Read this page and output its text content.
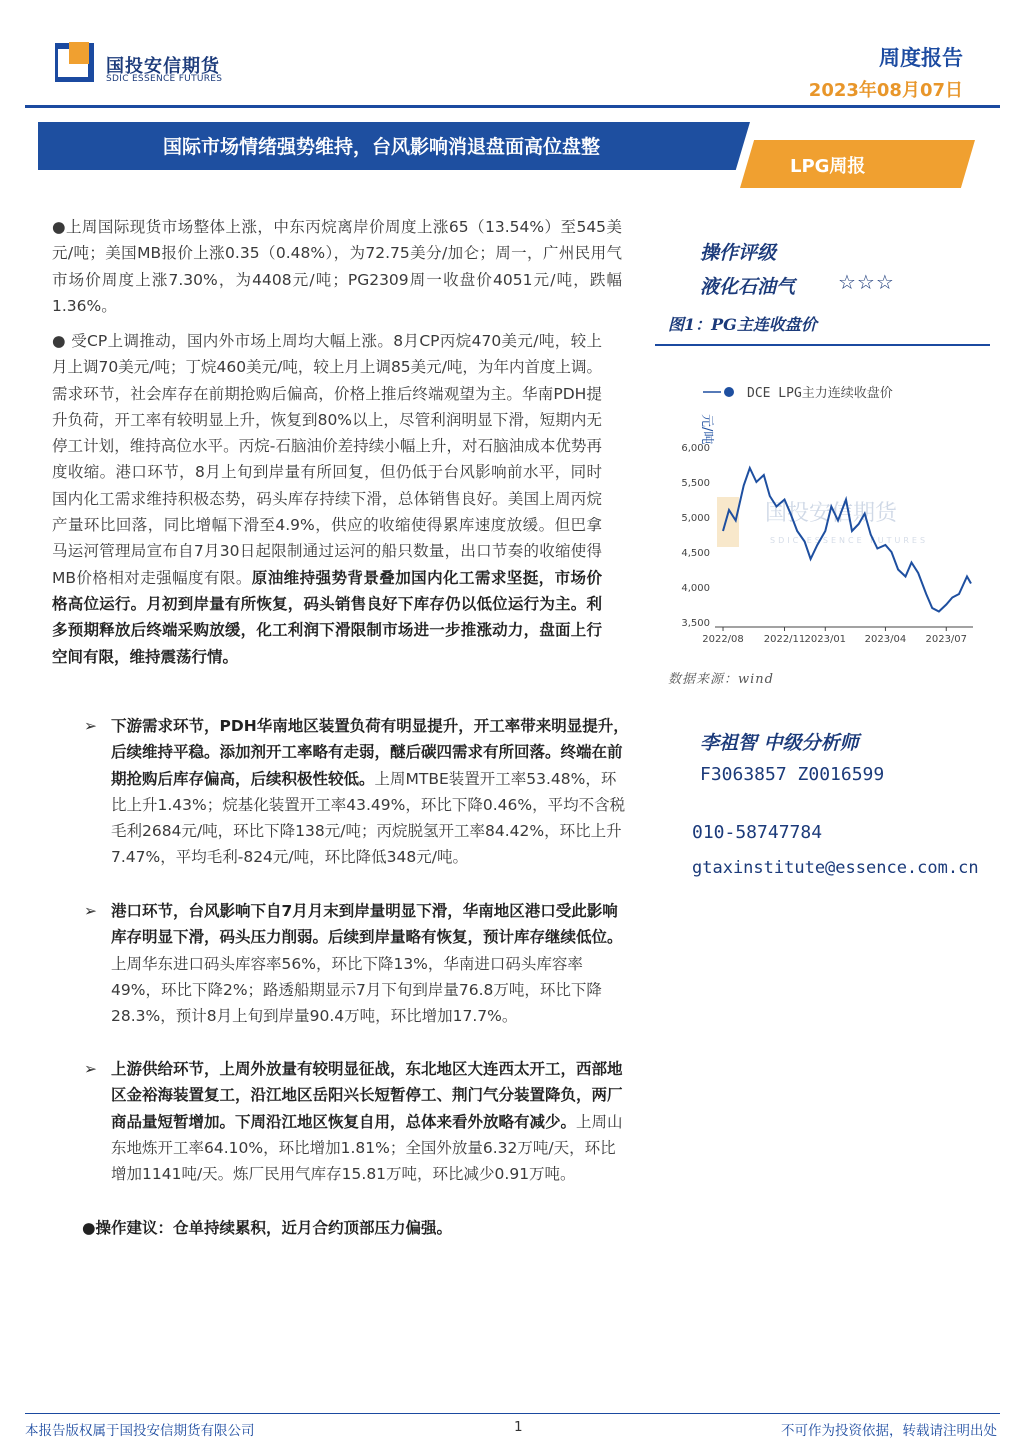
国投安信期货
SDIC ESSENCE FUTURES
周度报告
2023年08月07日
国际市场情绪强势维持，台风影响消退盘面高位盘整
LPG周报
●上周国际现货市场整体上涨，中东丙烷离岸价周度上涨65（13.54%）至545美元/吨；美国MB报价上涨0.35（0.48%），为72.75美分/加仑；周一，广州民用气市场价周度上涨7.30%，为4408元/吨；PG2309周一收盘价4051元/吨，跌幅1.36%。
● 受CP上调推动，国内外市场上周均大幅上涨。8月CP丙烷470美元/吨，较上月上调70美元/吨；丁烷460美元/吨，较上月上调85美元/吨，为年内首度上调。需求环节，社会库存在前期抢购后偏高，价格上推后终端观望为主。华南PDH提升负荷，开工率有较明显上升，恢复到80%以上，尽管利润明显下滑，短期内无停工计划，维持高位水平。丙烷-石脑油价差持续小幅上升，对石脑油成本优势再度收缩。港口环节，8月上旬到岸量有所回复，但仍低于台风影响前水平，同时国内化工需求维持积极态势，码头库存持续下滑，总体销售良好。美国上周丙烷产量环比回落，同比增幅下滑至4.9%，供应的收缩使得累库速度放缓。但巴拿马运河管理局宣布自7月30日起限制通过运河的船只数量，出口节奏的收缩使得MB价格相对走强幅度有限。原油维持强势背景叠加国内化工需求坚挺，市场价格高位运行。月初到岸量有所恢复，码头销售良好下库存仍以低位运行为主。利多预期释放后终端采购放缓，化工利润下滑限制市场进一步推涨动力，盘面上行空间有限，维持震荡行情。
➢ 下游需求环节，PDH华南地区装置负荷有明显提升，开工率带来明显提升，后续维持平稳。添加剂开工率略有走弱，醚后碳四需求有所回落。终端在前期抢购后库存偏高，后续积极性较低。上周MTBE装置开工率53.48%，环比上升1.43%；烷基化装置开工率43.49%，环比下降0.46%，平均不含税毛利2684元/吨，环比下降138元/吨；丙烷脱氢开工率84.42%，环比上升7.47%，平均毛利-824元/吨，环比降低348元/吨。
➢ 港口环节，台风影响下自7月月末到岸量明显下滑，华南地区港口受此影响库存明显下滑，码头压力削弱。后续到岸量略有恢复，预计库存继续低位。上周华东进口码头库容率56%，环比下降13%，华南进口码头库容率49%，环比下降2%；路透船期显示7月下旬到岸量76.8万吨，环比下降28.3%，预计8月上旬到岸量90.4万吨，环比增加17.7%。
➢ 上游供给环节，上周外放量有较明显征战，东北地区大连西太开工，西部地区金裕海装置复工，沿江地区岳阳兴长短暂停工、荆门气分装置降负，两厂商品量短暂增加。下周沿江地区恢复自用，总体来看外放略有减少。上周山东地炼开工率64.10%，环比增加1.81%；全国外放量6.32万吨/天，环比增加1141吨/天。炼厂民用气库存15.81万吨，环比减少0.91万吨。
●操作建议：仓单持续累积，近月合约顶部压力偏强。
操作评级
液化石油气 ☆☆☆
图1：PG主连收盘价
国投安信期货
SDIC ESSENCE FUTURES
DCE LPG主力连续收盘价
元/吨
6,000
5,500
5,000
4,500
4,000
3,500
2022/08 2022/11 2023/01 2023/04 2023/07
数据来源：wind
李祖智 中级分析师
F3063857 Z0016599
010-58747784
gtaxinstitute@essence.com.cn
本报告版权属于国投安信期货有限公司	1	不可作为投资依据，转载请注明出处
